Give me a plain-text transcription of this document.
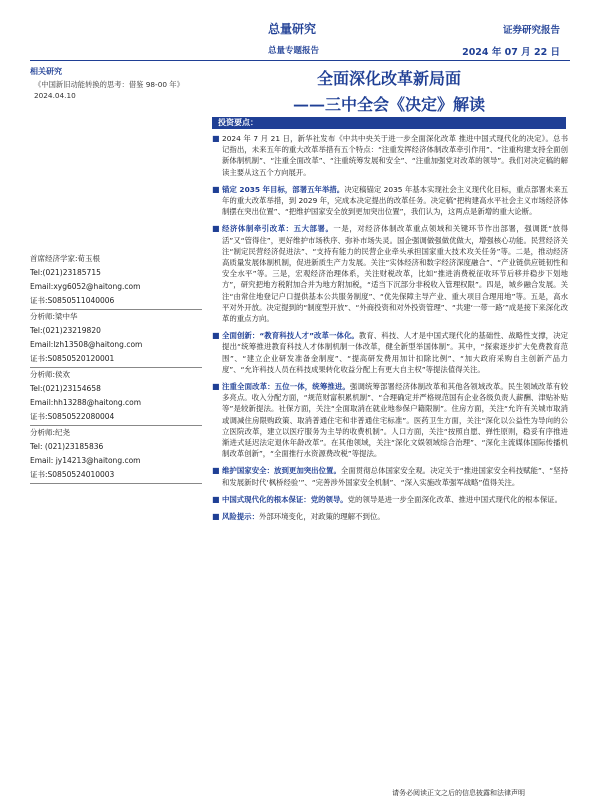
总量研究
总量专题报告
证券研究报告
2024 年 07 月 22 日
全面深化改革新局面
——三中全会《决定》解读
相关研究
《中国新旧动能转换的思考：借鉴 98-00 年》2024.04.10
首席经济学家:荀玉根
Tel:(021)23185715
Email:xyg6052@haitong.com
证书:S0850511040006
分析师:梁中华
Tel:(021)23219820
Email:lzh13508@haitong.com
证书:S0850520120001
分析师:侯欢
Tel:(021)23154658
Email:hh13288@haitong.com
证书:S0850522080004
分析师:纪尧
Tel: (021)23185836
Email: jy14213@haitong.com
证书:S0850524010003
投资要点：
■ 2024 年 7 月 21 日，新华社发布《中共中央关于进一步全面深化改革 推进中国式现代化的决定》。总书记指出，未来五年的重大改革举措有五个特点：“注重发挥经济体制改革牵引作用”、“注重构建支持全面创新体制机制”、“注重全面改革”、“注重统筹发展和安全”、“注重加强党对改革的领导”。我们对决定稿的解读主要从这五个方向展开。
■ 锚定 2035 年目标，部署五年举措。决定稿锚定 2035 年基本实现社会主义现代化目标，重点部署未来五年的重大改革举措，到 2029 年，完成本决定提出的改革任务。决定稿“把构建高水平社会主义市场经济体制摆在突出位置”、“把维护国家安全放到更加突出位置”，我们认为，这两点是新增的重大论断。
■ 经济体制牵引改革：五大部署。一是，对经济体制改革重点领域和关键环节作出部署，强调既“放得活”又“管得住”，更好维护市场秩序、弥补市场失灵。国企强调做强做优做大，增强核心功能。民营经济关注“制定民营经济促进法”、“支持有能力的民营企业牵头承担国家重大技术攻关任务”等。二是，推动经济高质量发展体制机制，促进新质生产力发展。关注“实体经济和数字经济深度融合”、“产业链供应链韧性和安全水平”等。三是，宏观经济治理体系，关注财税改革，比如“推进消费税征收环节后移并稳步下划地方”，研究把地方税附加合并为地方附加税，“适当下沉部分非税收入管理权限”。四是，城乡融合发展。关注“由常住地登记户口提供基本公共服务制度”、“优先保障主导产业、重大项目合理用地”等。五是，高水平对外开放。决定提到的“制度型开放”、“外商投资和对外投资管理”、“共建‘一带一路’”成是接下来深化改革的重点方向。
■ 全面创新：“教育科技人才”改革一体化。教育、科技、人才是中国式现代化的基础性、战略性支撑，决定提出“统筹推进教育科技人才体制机制一体改革，健全新型举国体制”。其中，“探索逐步扩大免费教育范围”、“建立企业研发准备金制度”、“提高研发费用加计扣除比例”、“加大政府采购自主创新产品力度”、“允许科技人员在科技成果转化收益分配上有更大自主权”等提法值得关注。
■ 注重全面改革：五位一体，统筹推进。强调统筹部署经济体制改革和其他各领域改革。民生领域改革有较多亮点。收入分配方面，“规范财富积累机制”、“合理确定并严格规范国有企业各级负责人薪酬、津贴补贴等”是较新提法。社保方面，关注“全面取消在就业地参保户籍限制”。住房方面，关注“允许有关城市取消或调减住房限购政策、取消普通住宅和非普通住宅标准”。医药卫生方面，关注“深化以公益性为导向的公立医院改革，建立以医疗服务为主导的收费机制”。人口方面，关注“按照自愿、弹性原则，稳妥有序推进渐进式延迟法定退休年龄改革”。在其他领域，关注“深化文娱领域综合治理”、“深化主流媒体国际传播机制改革创新”，“全面推行水资源费改税”等提法。
■ 维护国家安全：放到更加突出位置。全面贯彻总体国家安全观。决定关于“推进国家安全科技赋能”、“坚持和发展新时代‘枫桥经验’”、“完善涉外国家安全机制”、“深入实施改革强军战略”值得关注。
■ 中国式现代化的根本保证：党的领导。党的领导是进一步全面深化改革、推进中国式现代化的根本保证。
■ 风险提示：外部环境变化，对政策的理解不到位。
请务必阅读正文之后的信息披露和法律声明
